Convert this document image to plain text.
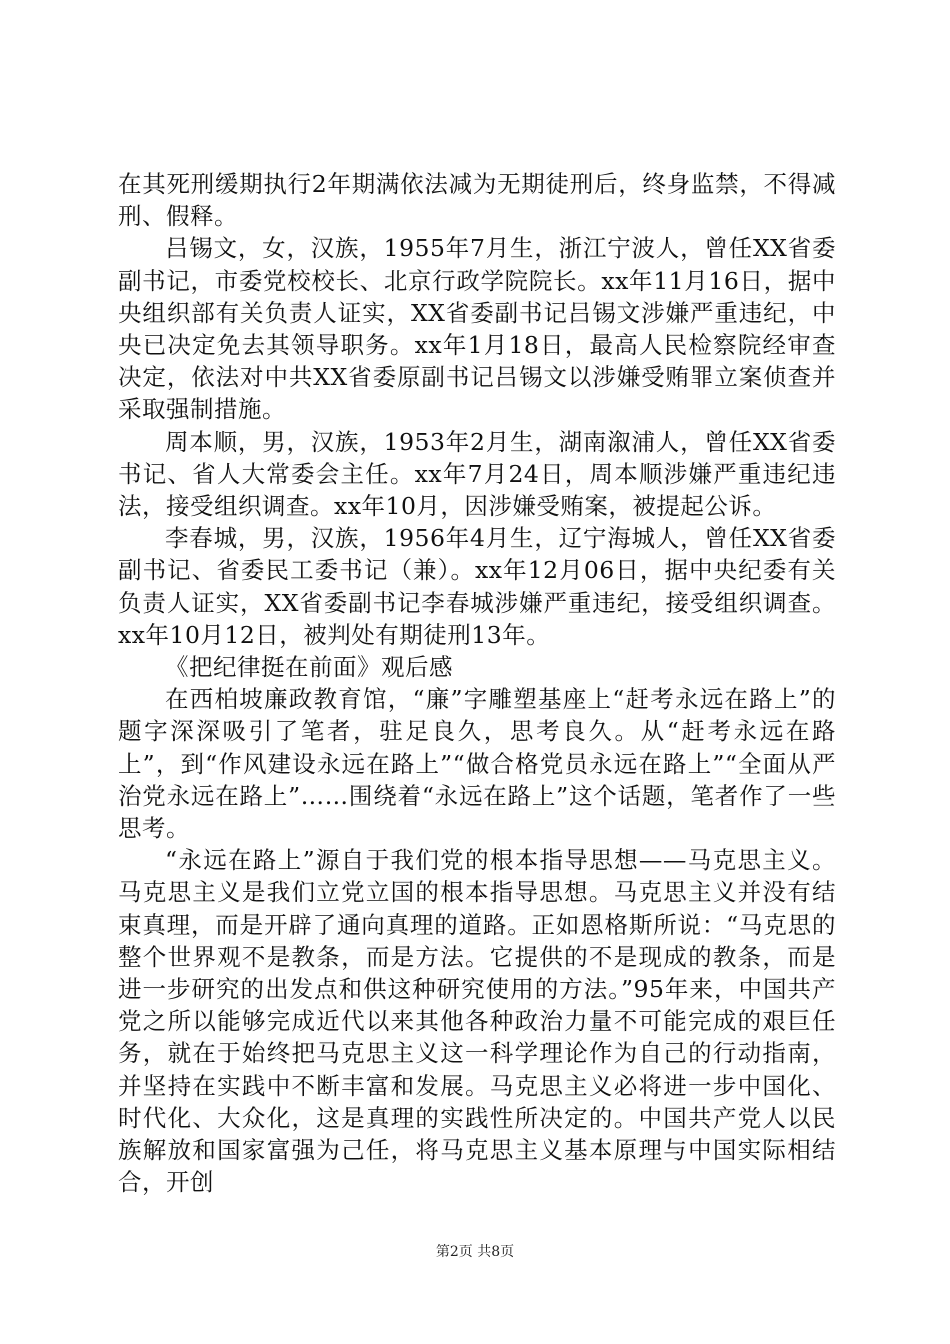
在其死刑缓期执行2年期满依法减为无期徒刑后，终身监禁，不得减刑、假释。

吕锡文，女，汉族，1955年7月生，浙江宁波人，曾任XX省委副书记，市委党校校长、北京行政学院院长。xx年11月16日，据中央组织部有关负责人证实，XX省委副书记吕锡文涉嫌严重违纪，中央已决定免去其领导职务。xx年1月18日，最高人民检察院经审查决定，依法对中共XX省委原副书记吕锡文以涉嫌受贿罪立案侦查并采取强制措施。

周本顺，男，汉族，1953年2月生，湖南溆浦人，曾任XX省委书记、省人大常委会主任。xx年7月24日，周本顺涉嫌严重违纪违法，接受组织调查。xx年10月，因涉嫌受贿案，被提起公诉。

李春城，男，汉族，1956年4月生，辽宁海城人，曾任XX省委副书记、省委民工委书记（兼）。xx年12月06日，据中央纪委有关负责人证实，XX省委副书记李春城涉嫌严重违纪，接受组织调查。xx年10月12日，被判处有期徒刑13年。

《把纪律挺在前面》观后感

在西柏坡廉政教育馆，“廉”字雕塑基座上“赶考永远在路上”的题字深深吸引了笔者，驻足良久，思考良久。从“赶考永远在路上”，到“作风建设永远在路上”“做合格党员永远在路上”“全面从严治党永远在路上”……围绕着“永远在路上”这个话题，笔者作了一些思考。

“永远在路上”源自于我们党的根本指导思想——马克思主义。马克思主义是我们立党立国的根本指导思想。马克思主义并没有结束真理，而是开辟了通向真理的道路。正如恩格斯所说：“马克思的整个世界观不是教条，而是方法。它提供的不是现成的教条，而是进一步研究的出发点和供这种研究使用的方法。”95年来，中国共产党之所以能够完成近代以来其他各种政治力量不可能完成的艰巨任务，就在于始终把马克思主义这一科学理论作为自己的行动指南，并坚持在实践中不断丰富和发展。马克思主义必将进一步中国化、时代化、大众化，这是真理的实践性所决定的。中国共产党人以民族解放和国家富强为己任，将马克思主义基本原理与中国实际相结合，开创

第2页 共8页
